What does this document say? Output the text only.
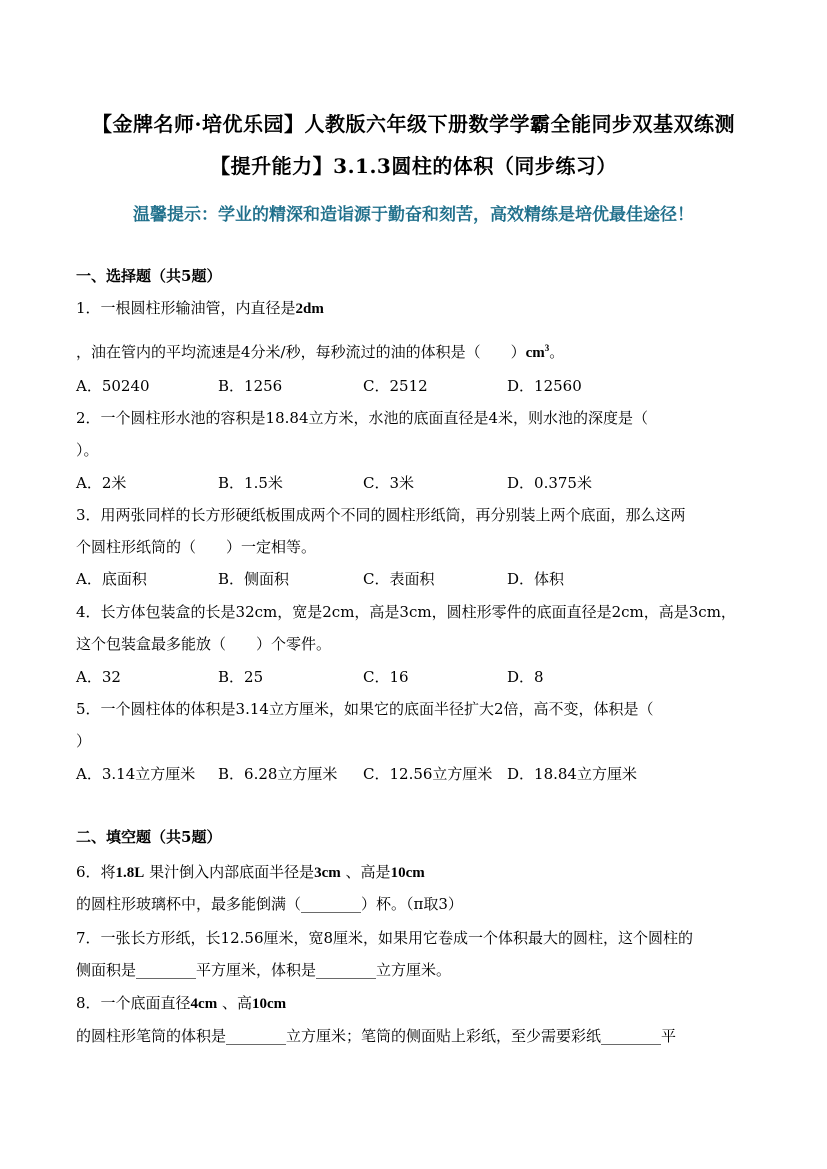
【金牌名师·培优乐园】人教版六年级下册数学学霸全能同步双基双练测
【提升能力】3.1.3圆柱的体积（同步练习）
温馨提示：学业的精深和造诣源于勤奋和刻苦，高效精练是培优最佳途径！
一、选择题（共5题）
1．一根圆柱形输油管，内直径是2dm
，油在管内的平均流速是4分米/秒，每秒流过的油的体积是（　　）$cm^3$。
A．50240	B．1256	C．2512	D．12560
2．一个圆柱形水池的容积是18.84立方米，水池的底面直径是4米，则水池的深度是（
）。
A．2米	B．1.5米	C．3米	D．0.375米
3．用两张同样的长方形硬纸板围成两个不同的圆柱形纸筒，再分别装上两个底面，那么这两
个圆柱形纸筒的（　　）一定相等。
A．底面积	B．侧面积	C．表面积	D．体积
4．长方体包装盒的长是32cm，宽是2cm，高是3cm，圆柱形零件的底面直径是2cm，高是3cm，
这个包装盒最多能放（　　）个零件。
A．32	B．25	C．16	D．8
5．一个圆柱体的体积是3.14立方厘米，如果它的底面半径扩大2倍，高不变，体积是（
）
A．3.14立方厘米 B．6.28立方厘米 C．12.56立方厘米 D．18.84立方厘米
二、填空题（共5题）
6．将1.8L 果汁倒入内部底面半径是3cm 、高是10cm
的圆柱形玻璃杯中，最多能倒满（________）杯。（π取3）
7．一张长方形纸，长12.56厘米，宽8厘米，如果用它卷成一个体积最大的圆柱，这个圆柱的
侧面积是________平方厘米，体积是________立方厘米。
8．一个底面直径4cm 、高10cm
的圆柱形笔筒的体积是________立方厘米；笔筒的侧面贴上彩纸，至少需要彩纸________平
